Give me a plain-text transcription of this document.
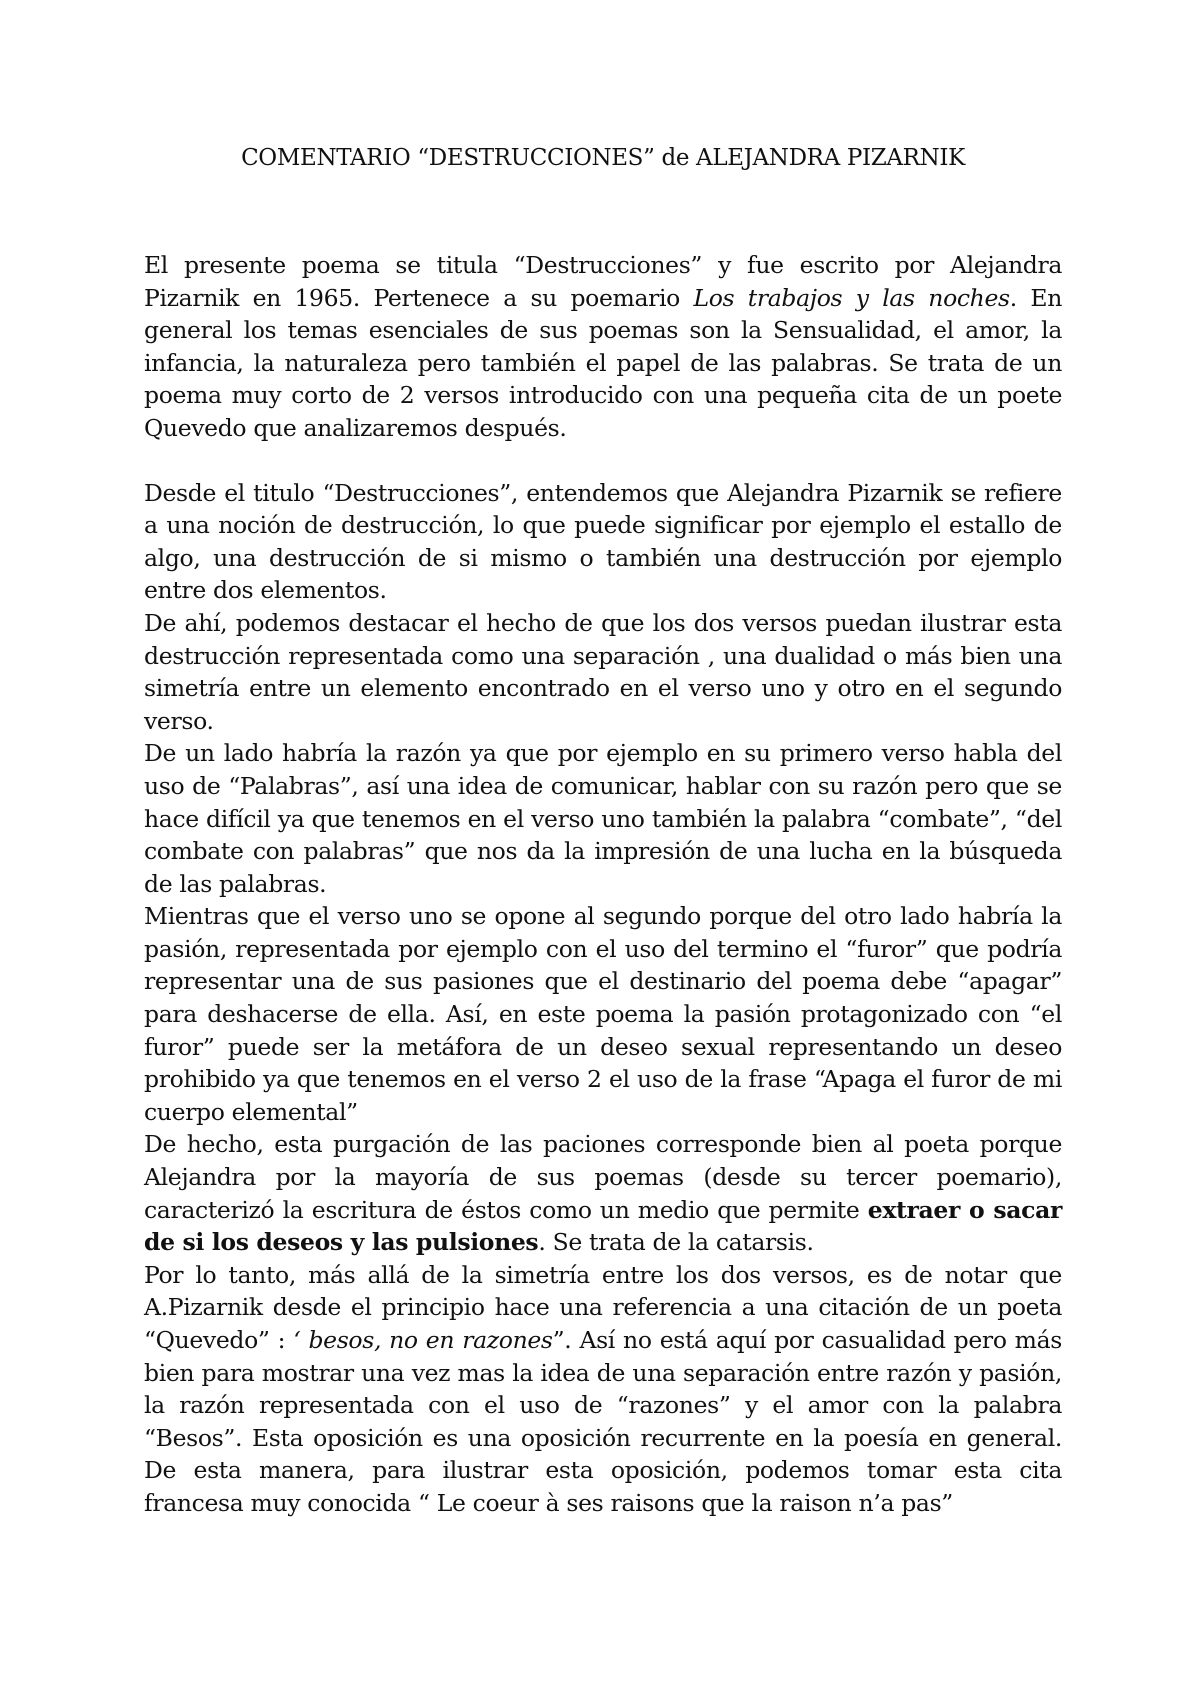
COMENTARIO “DESTRUCCIONES” de ALEJANDRA PIZARNIK

El presente poema se titula “Destrucciones” y fue escrito por Alejandra Pizarnik en 1965. Pertenece a su poemario Los trabajos y las noches. En general los temas esenciales de sus poemas son la Sensualidad, el amor, la infancia, la naturaleza pero también el papel de las palabras. Se trata de un poema muy corto de 2 versos introducido con una pequeña cita de un poete Quevedo que analizaremos después.

Desde el titulo “Destrucciones”, entendemos que Alejandra Pizarnik se refiere a una noción de destrucción, lo que puede significar por ejemplo el estallo de algo, una destrucción de si mismo o también una destrucción por ejemplo entre dos elementos.

De ahí, podemos destacar el hecho de que los dos versos puedan ilustrar esta destrucción representada como una separación , una dualidad o más bien una simetría entre un elemento encontrado en el verso uno y otro en el segundo verso.

De un lado habría la razón ya que por ejemplo en su primero verso habla del uso de “Palabras”, así una idea de comunicar, hablar con su razón pero que se hace difícil ya que tenemos en el verso uno también la palabra “combate”, “del combate con palabras” que nos da la impresión de una lucha en la búsqueda de las palabras.

Mientras que el verso uno se opone al segundo porque del otro lado habría la pasión, representada por ejemplo con el uso del termino el “furor” que podría representar una de sus pasiones que el destinario del poema debe “apagar” para deshacerse de ella. Así, en este poema la pasión protagonizado con “el furor” puede ser la metáfora de un deseo sexual representando un deseo prohibido ya que tenemos en el verso 2 el uso de la frase “Apaga el furor de mi cuerpo elemental”

De hecho, esta purgación de las paciones corresponde bien al poeta porque Alejandra por la mayoría de sus poemas (desde su tercer poemario), caracterizó la escritura de éstos como un medio que permite extraer o sacar de si los deseos y las pulsiones. Se trata de la catarsis.

Por lo tanto, más allá de la simetría entre los dos versos, es de notar que A.Pizarnik desde el principio hace una referencia a una citación de un poeta “Quevedo” : ‘ besos, no en razones”. Así no está aquí por casualidad pero más bien para mostrar una vez mas la idea de una separación entre razón y pasión, la razón representada con el uso de “razones” y el amor con la palabra “Besos”. Esta oposición es una oposición recurrente en la poesía en general. De esta manera, para ilustrar esta oposición, podemos tomar esta cita francesa muy conocida “ Le coeur à ses raisons que la raison n’a pas”
